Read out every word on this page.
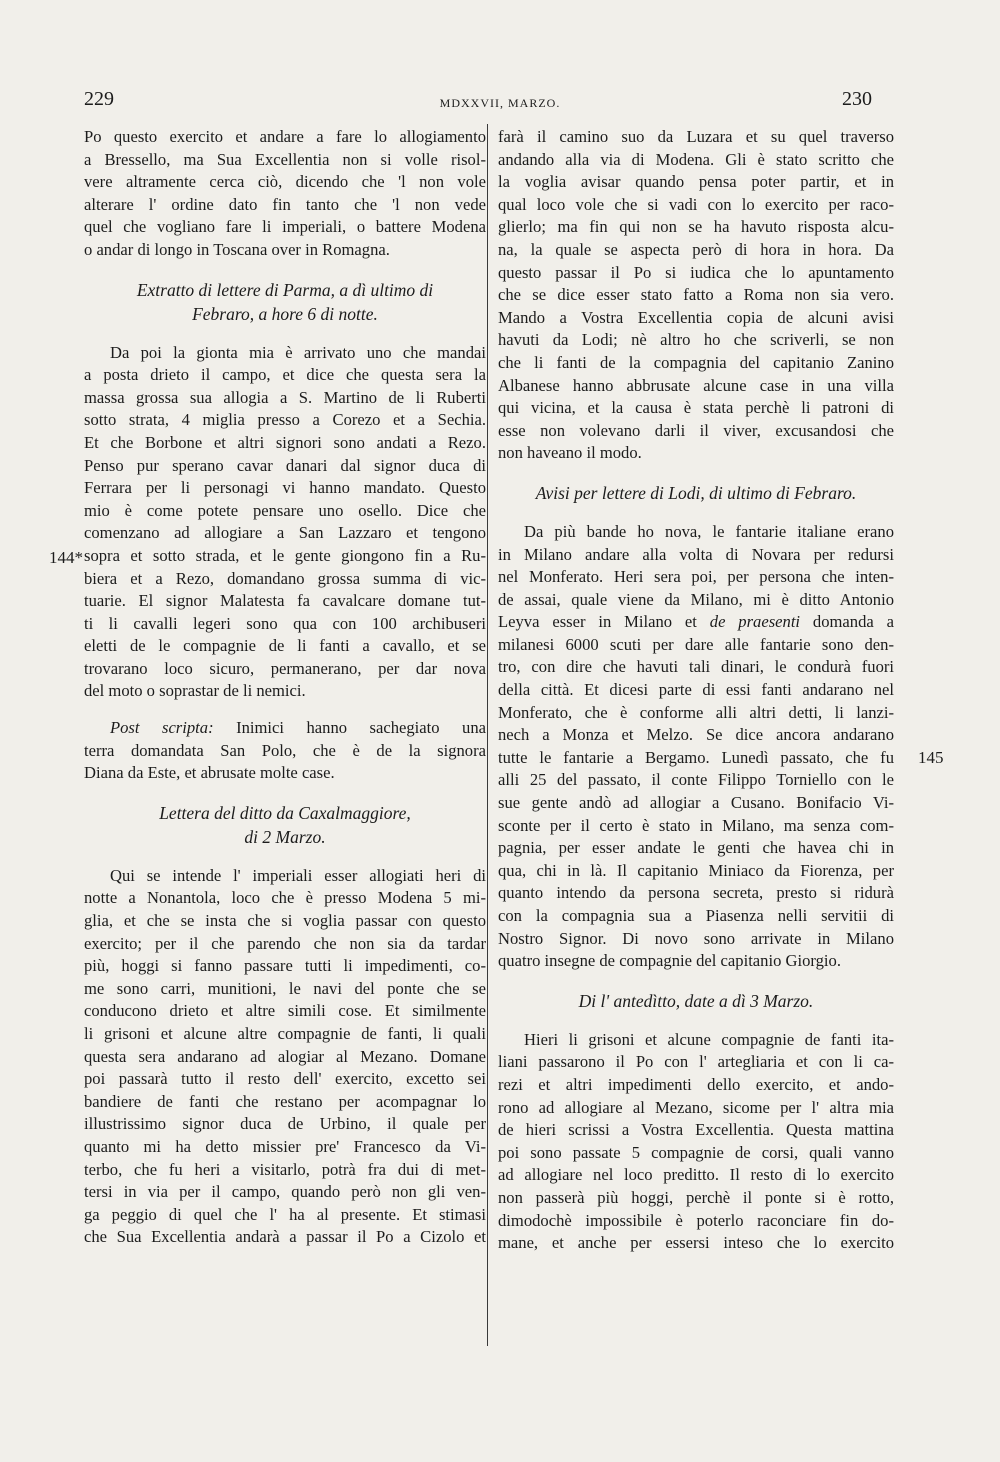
229	MDXXVII, MARZO.	230
144*
145

Po questo exercito et andare a fare lo allogiamento
a Bressello, ma Sua Excellentia non si volle risol-
vere altramente cerca ciò, dicendo che 'l non vole
alterare l' ordine dato fin tanto che 'l non vede
quel che vogliano fare li imperiali, o battere Modena
o andar di longo in Toscana over in Romagna.

Extratto di lettere di Parma, a dì ultimo di
Febraro, a hore 6 di notte.

Da poi la gionta mia è arrivato uno che mandai
a posta drieto il campo, et dice che questa sera la
massa grossa sua allogia a S. Martino de li Ruberti
sotto strata, 4 miglia presso a Corezo et a Sechia.
Et che Borbone et altri signori sono andati a Rezo.
Penso pur sperano cavar danari dal signor duca di
Ferrara per li personagi vi hanno mandato. Questo
mio è come potete pensare uno osello. Dice che
comenzano ad allogiare a San Lazzaro et tengono
sopra et sotto strada, et le gente giongono fin a Ru-
biera et a Rezo, domandano grossa summa di vic-
tuarie. El signor Malatesta fa cavalcare domane tut-
ti li cavalli legeri sono qua con 100 archibuseri
eletti de le compagnie de li fanti a cavallo, et se
trovarano loco sicuro, permanerano, per dar nova
del moto o soprastar de li nemici.

Post scripta: Inimici hanno sachegiato una
terra domandata San Polo, che è de la signora
Diana da Este, et abrusate molte case.

Lettera del ditto da Caxalmaggiore,
di 2 Marzo.

Qui se intende l' imperiali esser allogiati heri di
notte a Nonantola, loco che è presso Modena 5 mi-
glia, et che se insta che si voglia passar con questo
exercito; per il che parendo che non sia da tardar
più, hoggi si fanno passare tutti li impedimenti, co-
me sono carri, munitioni, le navi del ponte che se
conducono drieto et altre simili cose. Et similmente
li grisoni et alcune altre compagnie de fanti, li quali
questa sera andarano ad alogiar al Mezano. Domane
poi passarà tutto il resto dell' exercito, excetto sei
bandiere de fanti che restano per acompagnar lo
illustrissimo signor duca de Urbino, il quale per
quanto mi ha detto missier pre' Francesco da Vi-
terbo, che fu heri a visitarlo, potrà fra dui di met-
tersi in via per il campo, quando però non gli ven-
ga peggio di quel che l' ha al presente. Et stimasi
che Sua Excellentia andarà a passar il Po a Cizolo et

farà il camino suo da Luzara et su quel traverso
andando alla via di Modena. Gli è stato scritto che
la voglia avisar quando pensa poter partir, et in
qual loco vole che si vadi con lo exercito per raco-
glierlo; ma fin qui non se ha havuto risposta alcu-
na, la quale se aspecta però di hora in hora. Da
questo passar il Po si iudica che lo apuntamento
che se dice esser stato fatto a Roma non sia vero.
Mando a Vostra Excellentia copia de alcuni avisi
havuti da Lodi; nè altro ho che scriverli, se non
che li fanti de la compagnia del capitanio Zanino
Albanese hanno abbrusate alcune case in una villa
qui vicina, et la causa è stata perchè li patroni di
esse non volevano darli il viver, excusandosi che
non haveano il modo.

Avisi per lettere di Lodi, di ultimo di Febraro.

Da più bande ho nova, le fantarie italiane erano
in Milano andare alla volta di Novara per redursi
nel Monferato. Heri sera poi, per persona che inten-
de assai, quale viene da Milano, mi è ditto Antonio
Leyva esser in Milano et de praesenti domanda a
milanesi 6000 scuti per dare alle fantarie sono den-
tro, con dire che havuti tali dinari, le condurà fuori
della città. Et dicesi parte di essi fanti andarano nel
Monferato, che è conforme alli altri detti, li lanzi-
nech a Monza et Melzo. Se dice ancora andarano
tutte le fantarie a Bergamo. Lunedì passato, che fu
alli 25 del passato, il conte Filippo Torniello con le
sue gente andò ad allogiar a Cusano. Bonifacio Vi-
sconte per il certo è stato in Milano, ma senza com-
pagnia, per esser andate le genti che havea chi in
qua, chi in là. Il capitanio Miniaco da Fiorenza, per
quanto intendo da persona secreta, presto si ridurà
con la compagnia sua a Piasenza nelli servitii di
Nostro Signor. Di novo sono arrivate in Milano
quatro insegne de compagnie del capitanio Giorgio.

Di l' antedìtto, date a dì 3 Marzo.

Hieri li grisoni et alcune compagnie de fanti ita-
liani passarono il Po con l' artegliaria et con li ca-
rezi et altri impedimenti dello exercito, et ando-
rono ad allogiare al Mezano, sicome per l' altra mia
de hieri scrissi a Vostra Excellentia. Questa mattina
poi sono passate 5 compagnie de corsi, quali vanno
ad allogiare nel loco preditto. Il resto di lo exercito
non passerà più hoggi, perchè il ponte si è rotto,
dimodochè impossibile è poterlo raconciare fin do-
mane, et anche per essersi inteso che lo exercito
